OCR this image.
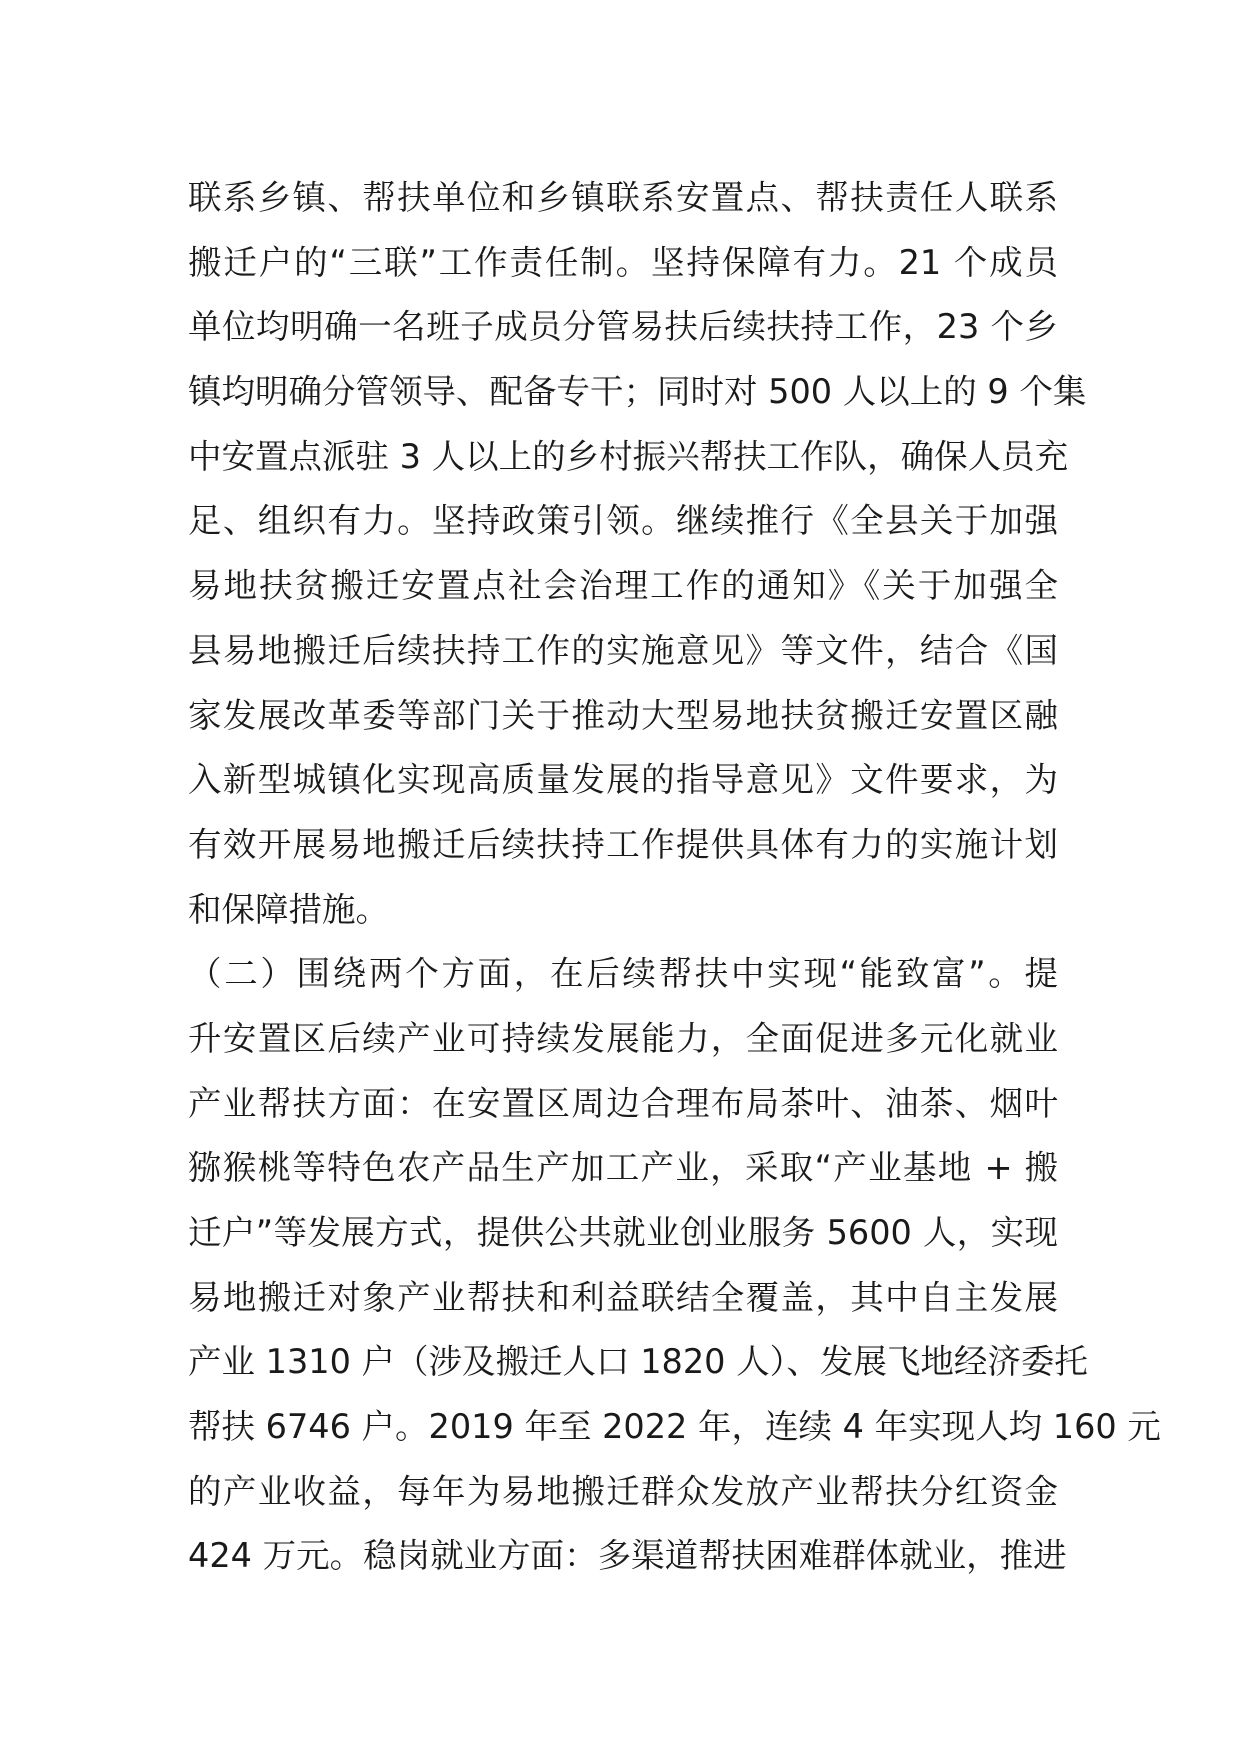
联系乡镇、帮扶单位和乡镇联系安置点、帮扶责任人联系
搬迁户的“三联”工作责任制。坚持保障有力。21 个成员
单位均明确一名班子成员分管易扶后续扶持工作，23 个乡
镇均明确分管领导、配备专干；同时对 500 人以上的 9 个集
中安置点派驻 3 人以上的乡村振兴帮扶工作队，确保人员充
足、组织有力。坚持政策引领。继续推行《全县关于加强
易地扶贫搬迁安置点社会治理工作的通知》《关于加强全
县易地搬迁后续扶持工作的实施意见》等文件，结合《国
家发展改革委等部门关于推动大型易地扶贫搬迁安置区融
入新型城镇化实现高质量发展的指导意见》文件要求，为
有效开展易地搬迁后续扶持工作提供具体有力的实施计划
和保障措施。
（二）围绕两个方面，在后续帮扶中实现“能致富”。提
升安置区后续产业可持续发展能力，全面促进多元化就业
产业帮扶方面：在安置区周边合理布局茶叶、油茶、烟叶
猕猴桃等特色农产品生产加工产业，采取“产业基地 + 搬
迁户”等发展方式，提供公共就业创业服务 5600 人，实现
易地搬迁对象产业帮扶和利益联结全覆盖，其中自主发展
产业 1310 户（涉及搬迁人口 1820 人）、发展飞地经济委托
帮扶 6746 户。2019 年至 2022 年，连续 4 年实现人均 160 元
的产业收益，每年为易地搬迁群众发放产业帮扶分红资金
424 万元。稳岗就业方面：多渠道帮扶困难群体就业，推进
